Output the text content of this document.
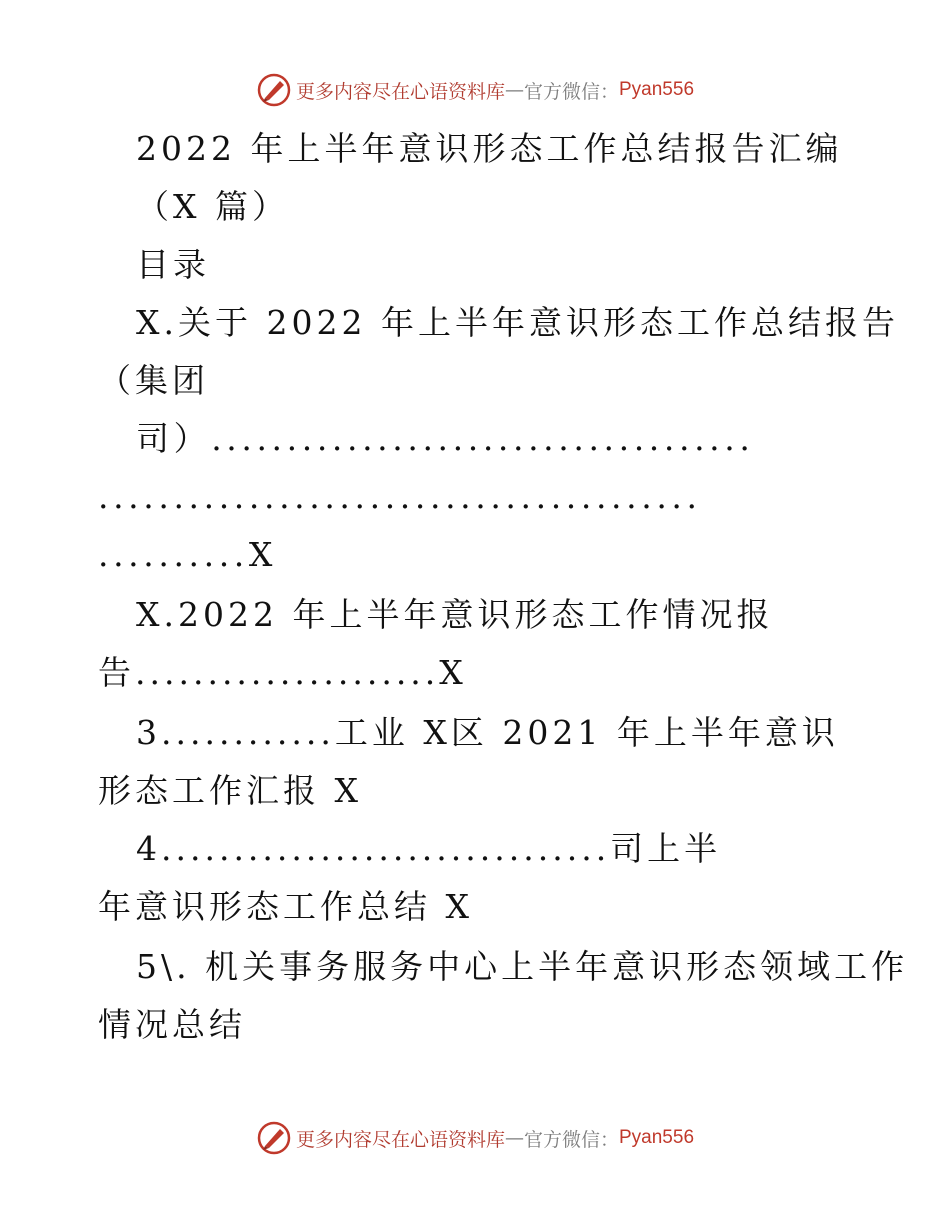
更多内容尽在心语资料库 — 官方微信： Pyan556
2022 年上半年意识形态工作总结报告汇编
（X 篇）
目录
X.关于 2022 年上半年意识形态工作总结报告
（集团
司）....................................
........................................
..........X
X.2022 年上半年意识形态工作情况报
告.....................X
3............工业 X区 2021 年上半年意识
形态工作汇报 X
4...............................司上半
年意识形态工作总结 X
5\. 机关事务服务中心上半年意识形态领域工作
情况总结
更多内容尽在心语资料库 — 官方微信： Pyan556
